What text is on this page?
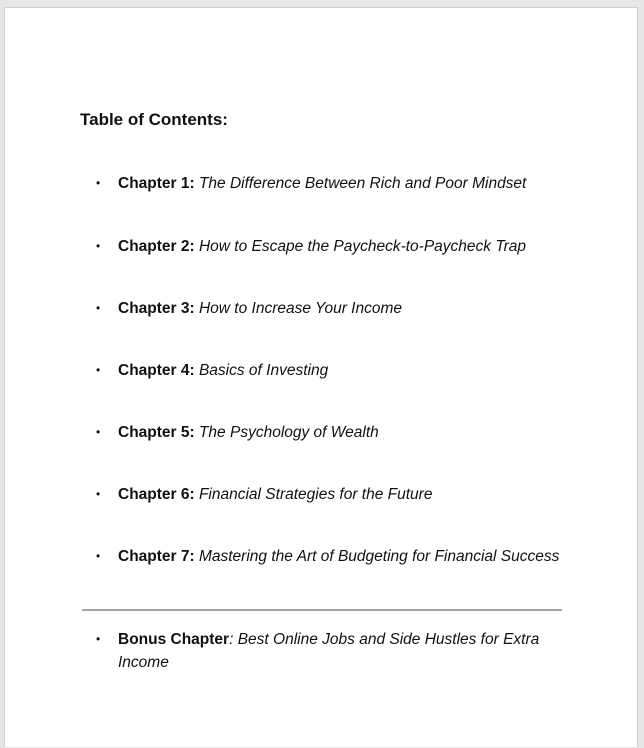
Table of Contents:
• Chapter 1: The Difference Between Rich and Poor Mindset
• Chapter 2: How to Escape the Paycheck-to-Paycheck Trap
• Chapter 3: How to Increase Your Income
• Chapter 4: Basics of Investing
• Chapter 5: The Psychology of Wealth
• Chapter 6: Financial Strategies for the Future
• Chapter 7: Mastering the Art of Budgeting for Financial Success
• Bonus Chapter: Best Online Jobs and Side Hustles for Extra Income
